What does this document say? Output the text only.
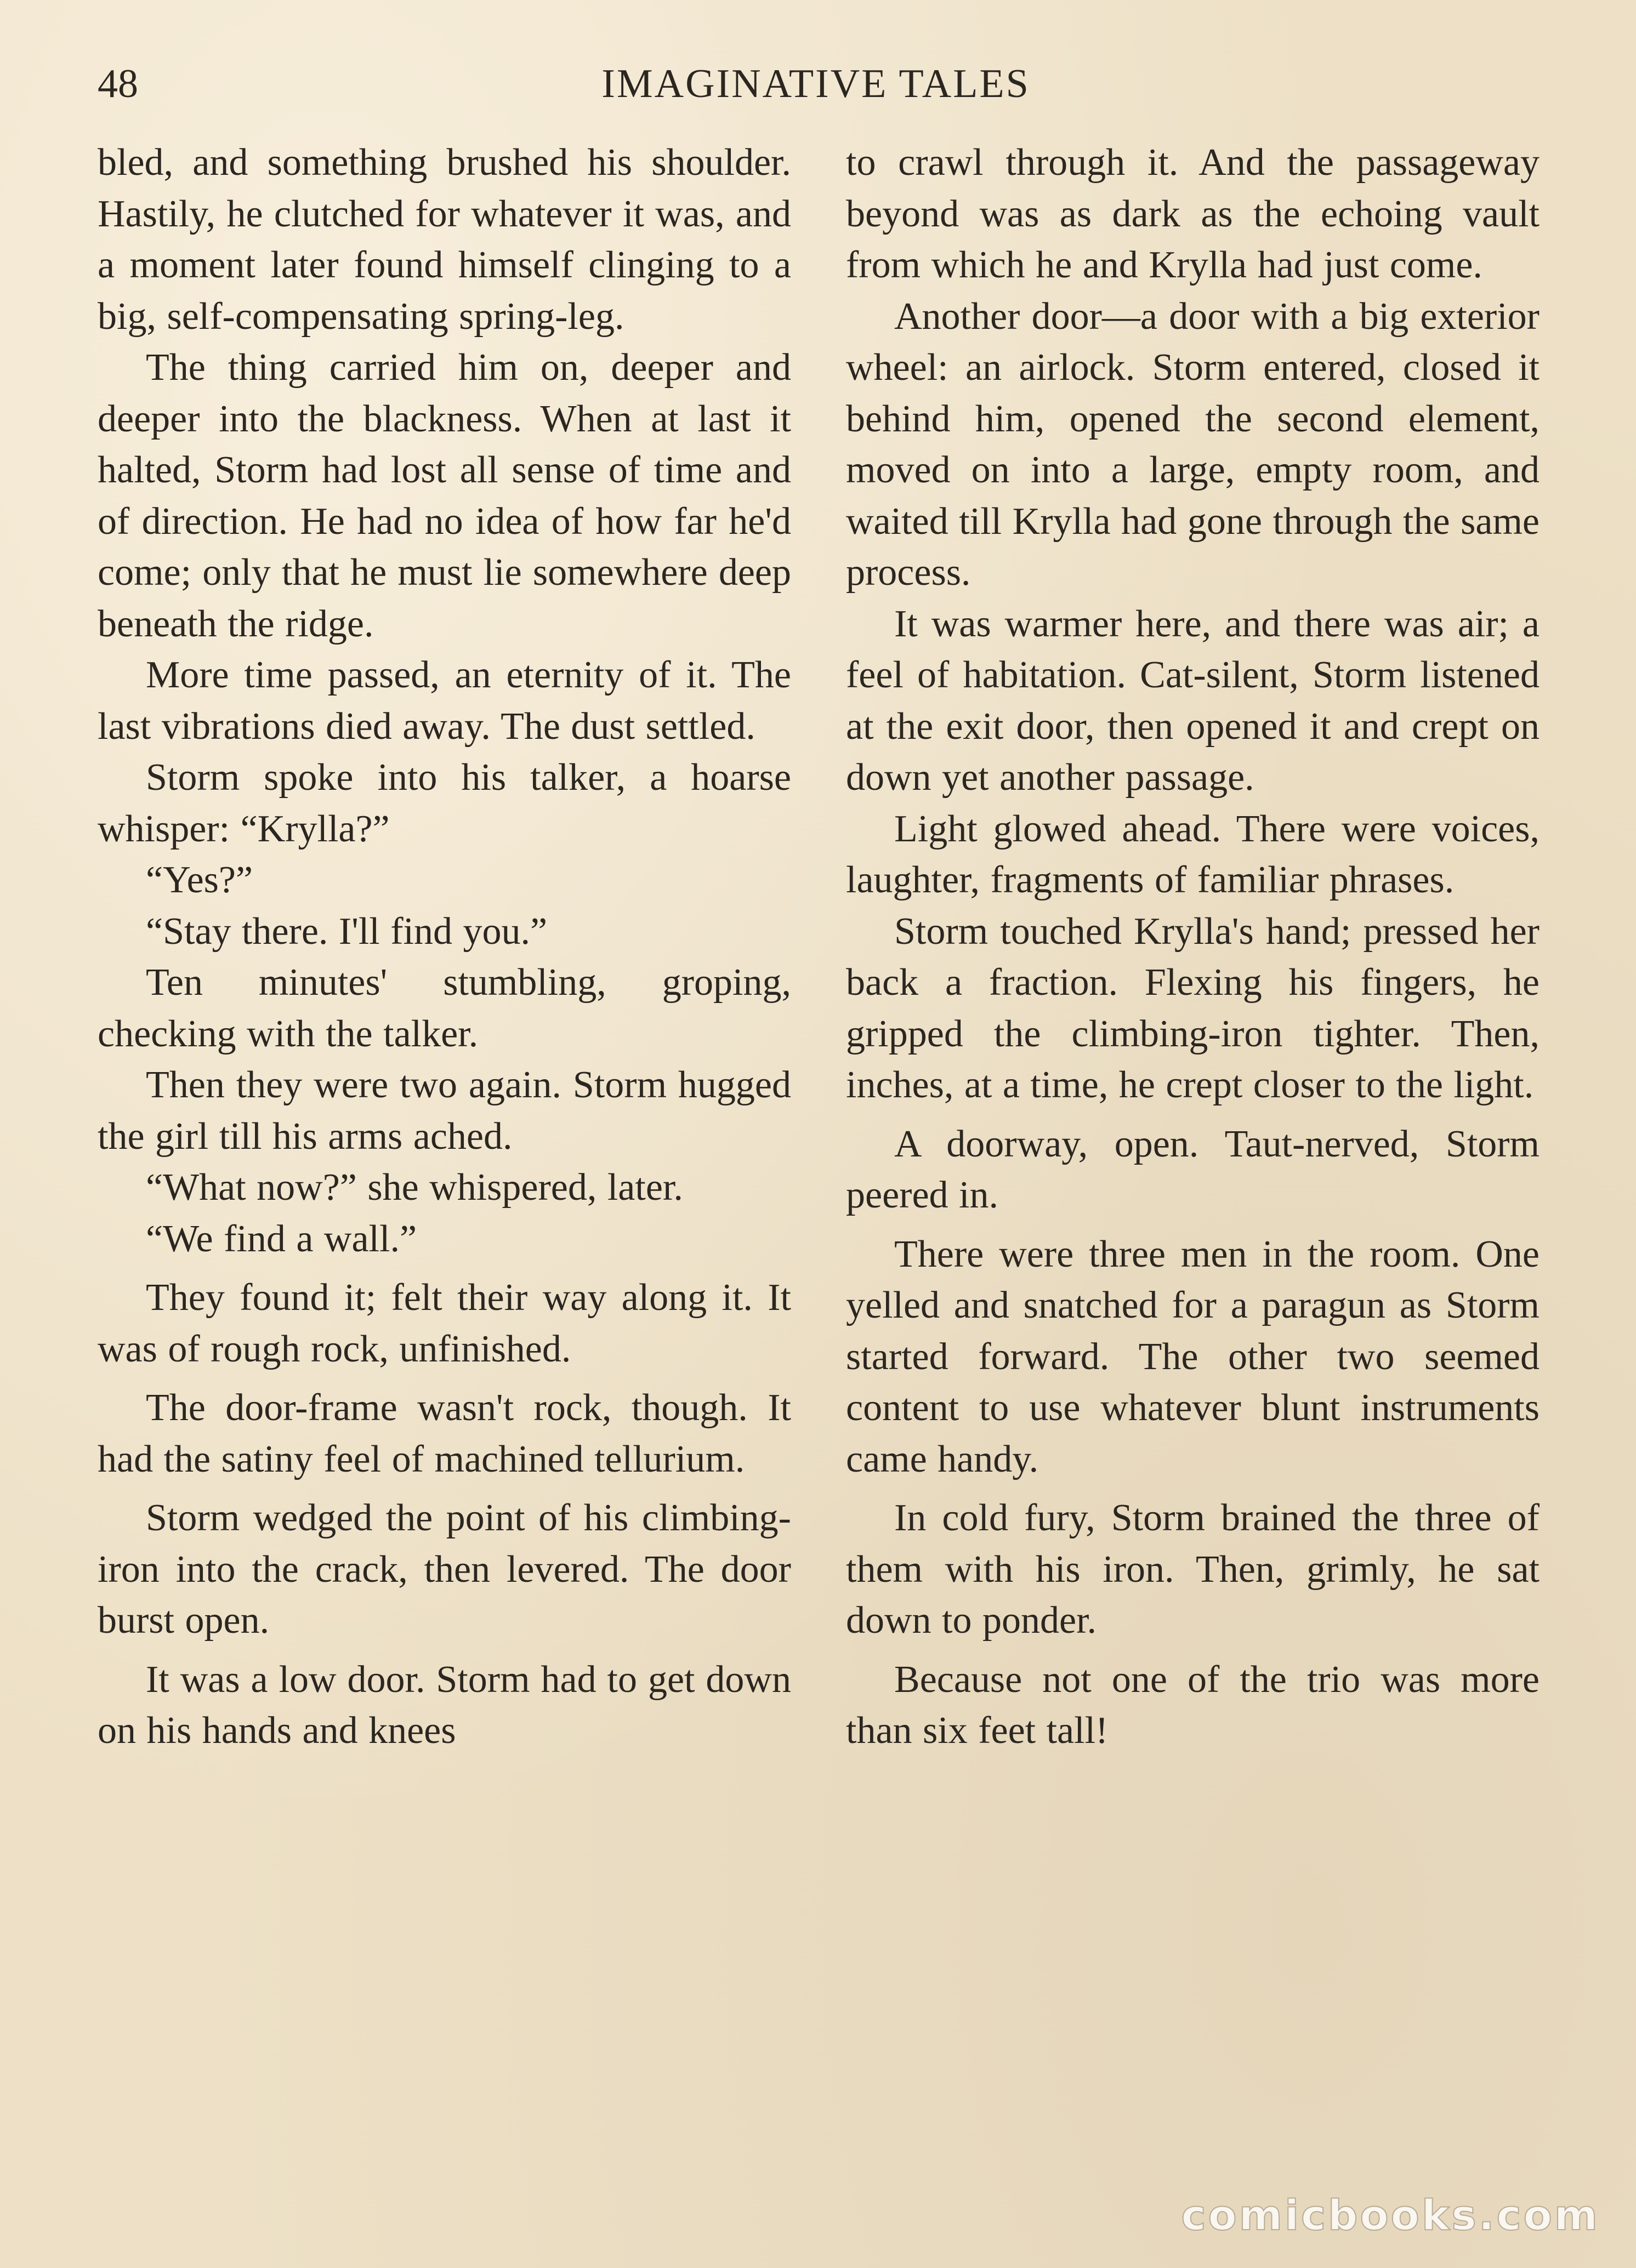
48	IMAGINATIVE TALES

bled, and something brushed his shoulder. Hastily, he clutched for whatever it was, and a moment later found himself clinging to a big, self-compensating spring-leg.

The thing carried him on, deeper and deeper into the blackness. When at last it halted, Storm had lost all sense of time and of direction. He had no idea of how far he'd come; only that he must lie somewhere deep beneath the ridge.

More time passed, an eternity of it. The last vibrations died away. The dust settled.

Storm spoke into his talker, a hoarse whisper: “Krylla?”

“Yes?”

“Stay there. I'll find you.”

Ten minutes' stumbling, groping, checking with the talker.

Then they were two again. Storm hugged the girl till his arms ached.

“What now?” she whispered, later.

“We find a wall.”

They found it; felt their way along it. It was of rough rock, unfinished.

The door-frame wasn't rock, though. It had the satiny feel of machined tellurium.

Storm wedged the point of his climbing-iron into the crack, then levered. The door burst open.

It was a low door. Storm had to get down on his hands and knees

to crawl through it. And the passageway beyond was as dark as the echoing vault from which he and Krylla had just come.

Another door—a door with a big exterior wheel: an airlock. Storm entered, closed it behind him, opened the second element, moved on into a large, empty room, and waited till Krylla had gone through the same process.

It was warmer here, and there was air; a feel of habitation. Cat-silent, Storm listened at the exit door, then opened it and crept on down yet another passage.

Light glowed ahead. There were voices, laughter, fragments of familiar phrases.

Storm touched Krylla's hand; pressed her back a fraction. Flexing his fingers, he gripped the climbing-iron tighter. Then, inches, at a time, he crept closer to the light.

A doorway, open. Taut-nerved, Storm peered in.

There were three men in the room. One yelled and snatched for a paragun as Storm started forward. The other two seemed content to use whatever blunt instruments came handy.

In cold fury, Storm brained the three of them with his iron. Then, grimly, he sat down to ponder.

Because not one of the trio was more than six feet tall!

comicbooks.com
